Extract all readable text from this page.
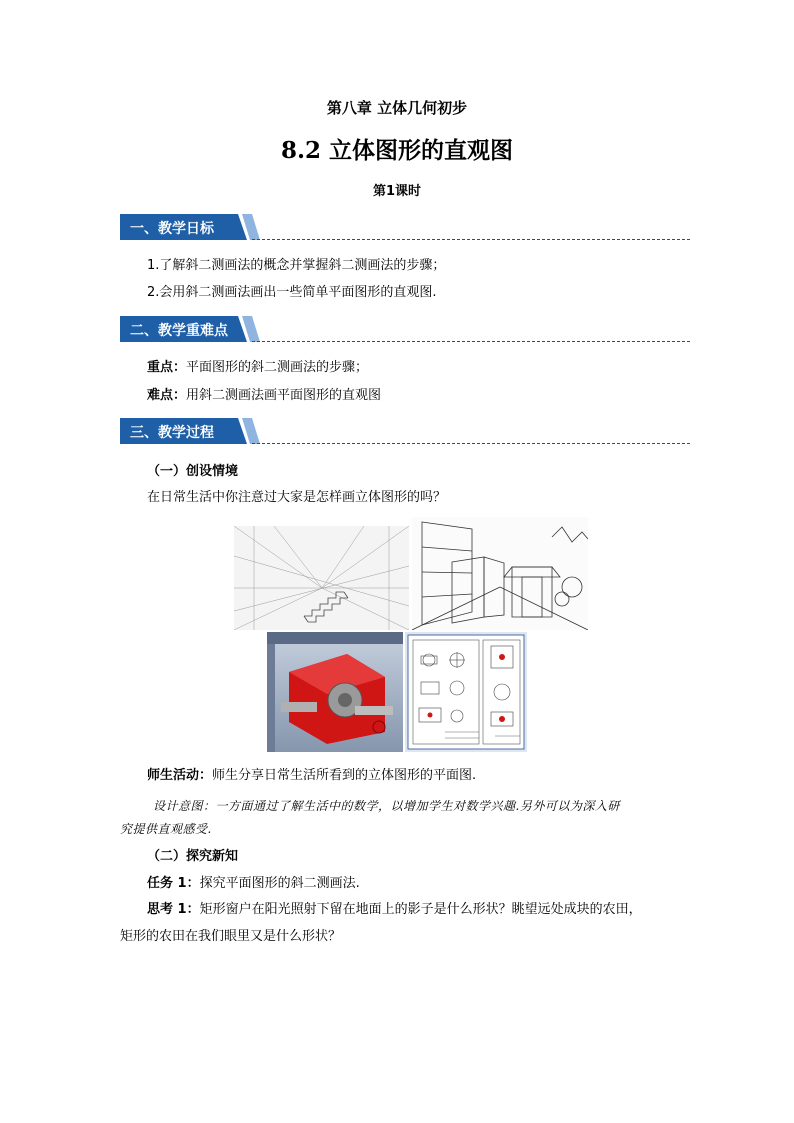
第八章 立体几何初步
8.2 立体图形的直观图
第1课时
一、教学日标
1.了解斜二测画法的概念并掌握斜二测画法的步骤；
2.会用斜二测画法画出一些简单平面图形的直观图.
二、教学重难点
重点：平面图形的斜二测画法的步骤；
难点：用斜二测画法画平面图形的直观图
三、教学过程
（一）创设情境
在日常生活中你注意过大家是怎样画立体图形的吗？
师生活动：师生分享日常生活所看到的立体图形的平面图.
设计意图：一方面通过了解生活中的数学，以增加学生对数学兴趣.另外可以为深入研
究提供直观感受.
（二）探究新知
任务 1：探究平面图形的斜二测画法.
思考 1：矩形窗户在阳光照射下留在地面上的影子是什么形状？眺望远处成块的农田，
矩形的农田在我们眼里又是什么形状？
